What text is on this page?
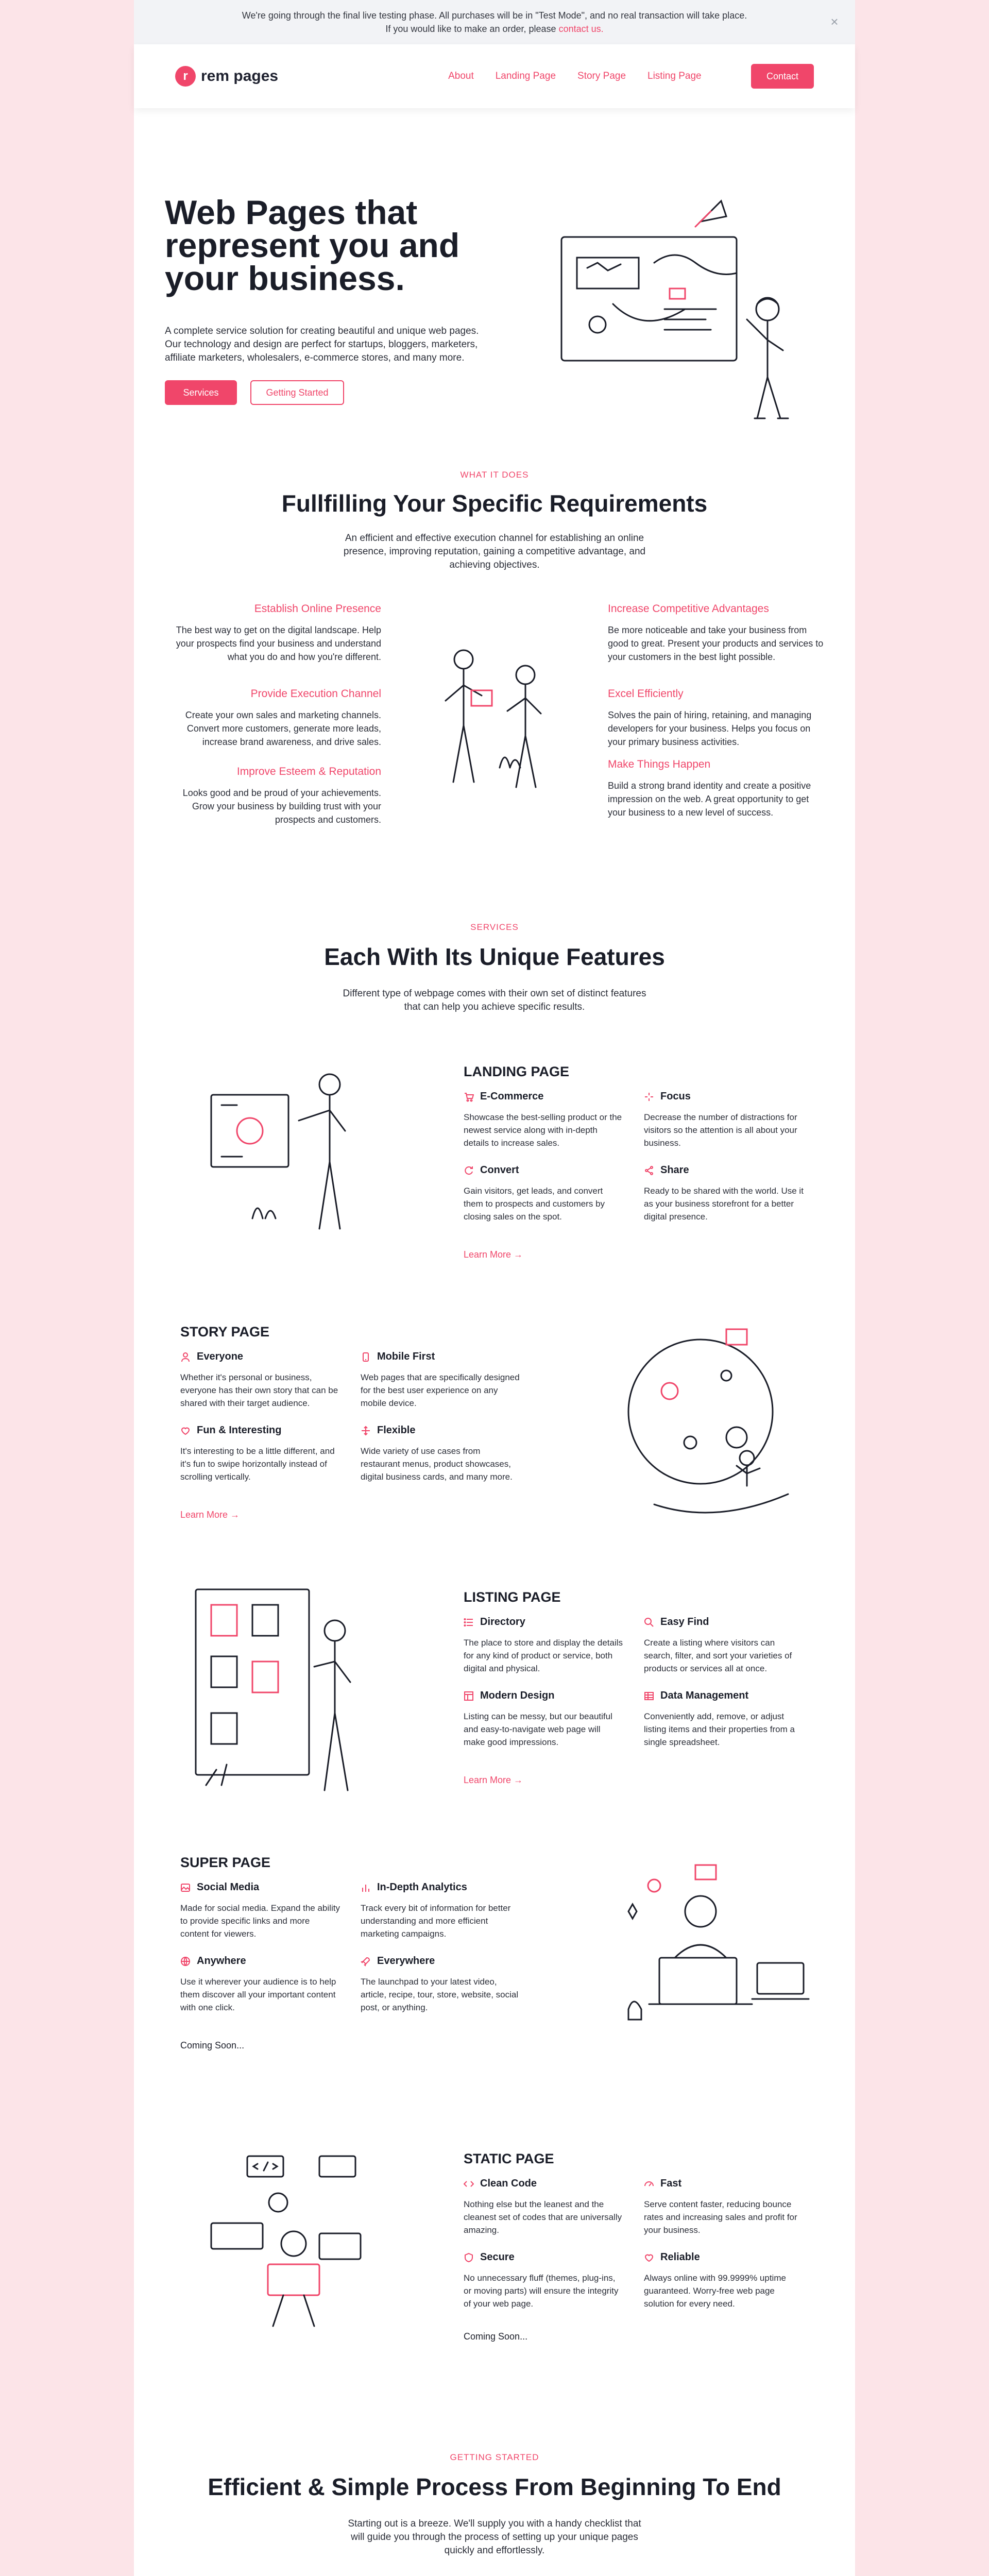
We're going through the final live testing phase. All purchases will be in "Test Mode", and no real transaction will take place.
If you would like to make an order, please contact us.	×
r rem pages	About Landing Page Story Page Listing Page	Contact
Web Pages that represent you and your business.

A complete service solution for creating beautiful and unique web pages. Our technology and design are perfect for startups, bloggers, marketers, affiliate marketers, wholesalers, e-commerce stores, and many more.

Services	Getting Started
WHAT IT DOES
Fullfilling Your Specific Requirements
An efficient and effective execution channel for establishing an online presence, improving reputation, gaining a competitive advantage, and achieving objectives.
Establish Online Presence
The best way to get on the digital landscape. Help your prospects find your business and understand what you do and how you're different.
Provide Execution Channel
Create your own sales and marketing channels. Convert more customers, generate more leads, increase brand awareness, and drive sales.
Improve Esteem & Reputation
Looks good and be proud of your achievements. Grow your business by building trust with your prospects and customers.
Increase Competitive Advantages
Be more noticeable and take your business from good to great. Present your products and services to your customers in the best light possible.
Excel Efficiently
Solves the pain of hiring, retaining, and managing developers for your business. Helps you focus on your primary business activities.
Make Things Happen
Build a strong brand identity and create a positive impression on the web. A great opportunity to get your business to a new level of success.
SERVICES
Each With Its Unique Features
Different type of webpage comes with their own set of distinct features that can help you achieve specific results.
LANDING PAGE
E-Commerce
Showcase the best-selling product or the newest service along with in-depth details to increase sales.
Focus
Decrease the number of distractions for visitors so the attention is all about your business.
Convert
Gain visitors, get leads, and convert them to prospects and customers by closing sales on the spot.
Share
Ready to be shared with the world. Use it as your business storefront for a better digital presence.
Learn More →
STORY PAGE
Everyone
Whether it's personal or business, everyone has their own story that can be shared with their target audience.
Mobile First
Web pages that are specifically designed for the best user experience on any mobile device.
Fun & Interesting
It's interesting to be a little different, and it's fun to swipe horizontally instead of scrolling vertically.
Flexible
Wide variety of use cases from restaurant menus, product showcases, digital business cards, and many more.
Learn More →
LISTING PAGE
Directory
The place to store and display the details for any kind of product or service, both digital and physical.
Easy Find
Create a listing where visitors can search, filter, and sort your varieties of products or services all at once.
Modern Design
Listing can be messy, but our beautiful and easy-to-navigate web page will make good impressions.
Data Management
Conveniently add, remove, or adjust listing items and their properties from a single spreadsheet.
Learn More →
SUPER PAGE
Social Media
Made for social media. Expand the ability to provide specific links and more content for viewers.
In-Depth Analytics
Track every bit of information for better understanding and more efficient marketing campaigns.
Anywhere
Use it wherever your audience is to help them discover all your important content with one click.
Everywhere
The launchpad to your latest video, article, recipe, tour, store, website, social post, or anything.
Coming Soon...
STATIC PAGE
Clean Code
Nothing else but the leanest and the cleanest set of codes that are universally amazing.
Fast
Serve content faster, reducing bounce rates and increasing sales and profit for your business.
Secure
No unnecessary fluff (themes, plug-ins, or moving parts) will ensure the integrity of your web page.
Reliable
Always online with 99.9999% uptime guaranteed. Worry-free web page solution for every need.
Coming Soon...
GETTING STARTED
Efficient & Simple Process From Beginning To End
Starting out is a breeze. We'll supply you with a handy checklist that will guide you through the process of setting up your unique pages quickly and effortlessly.
